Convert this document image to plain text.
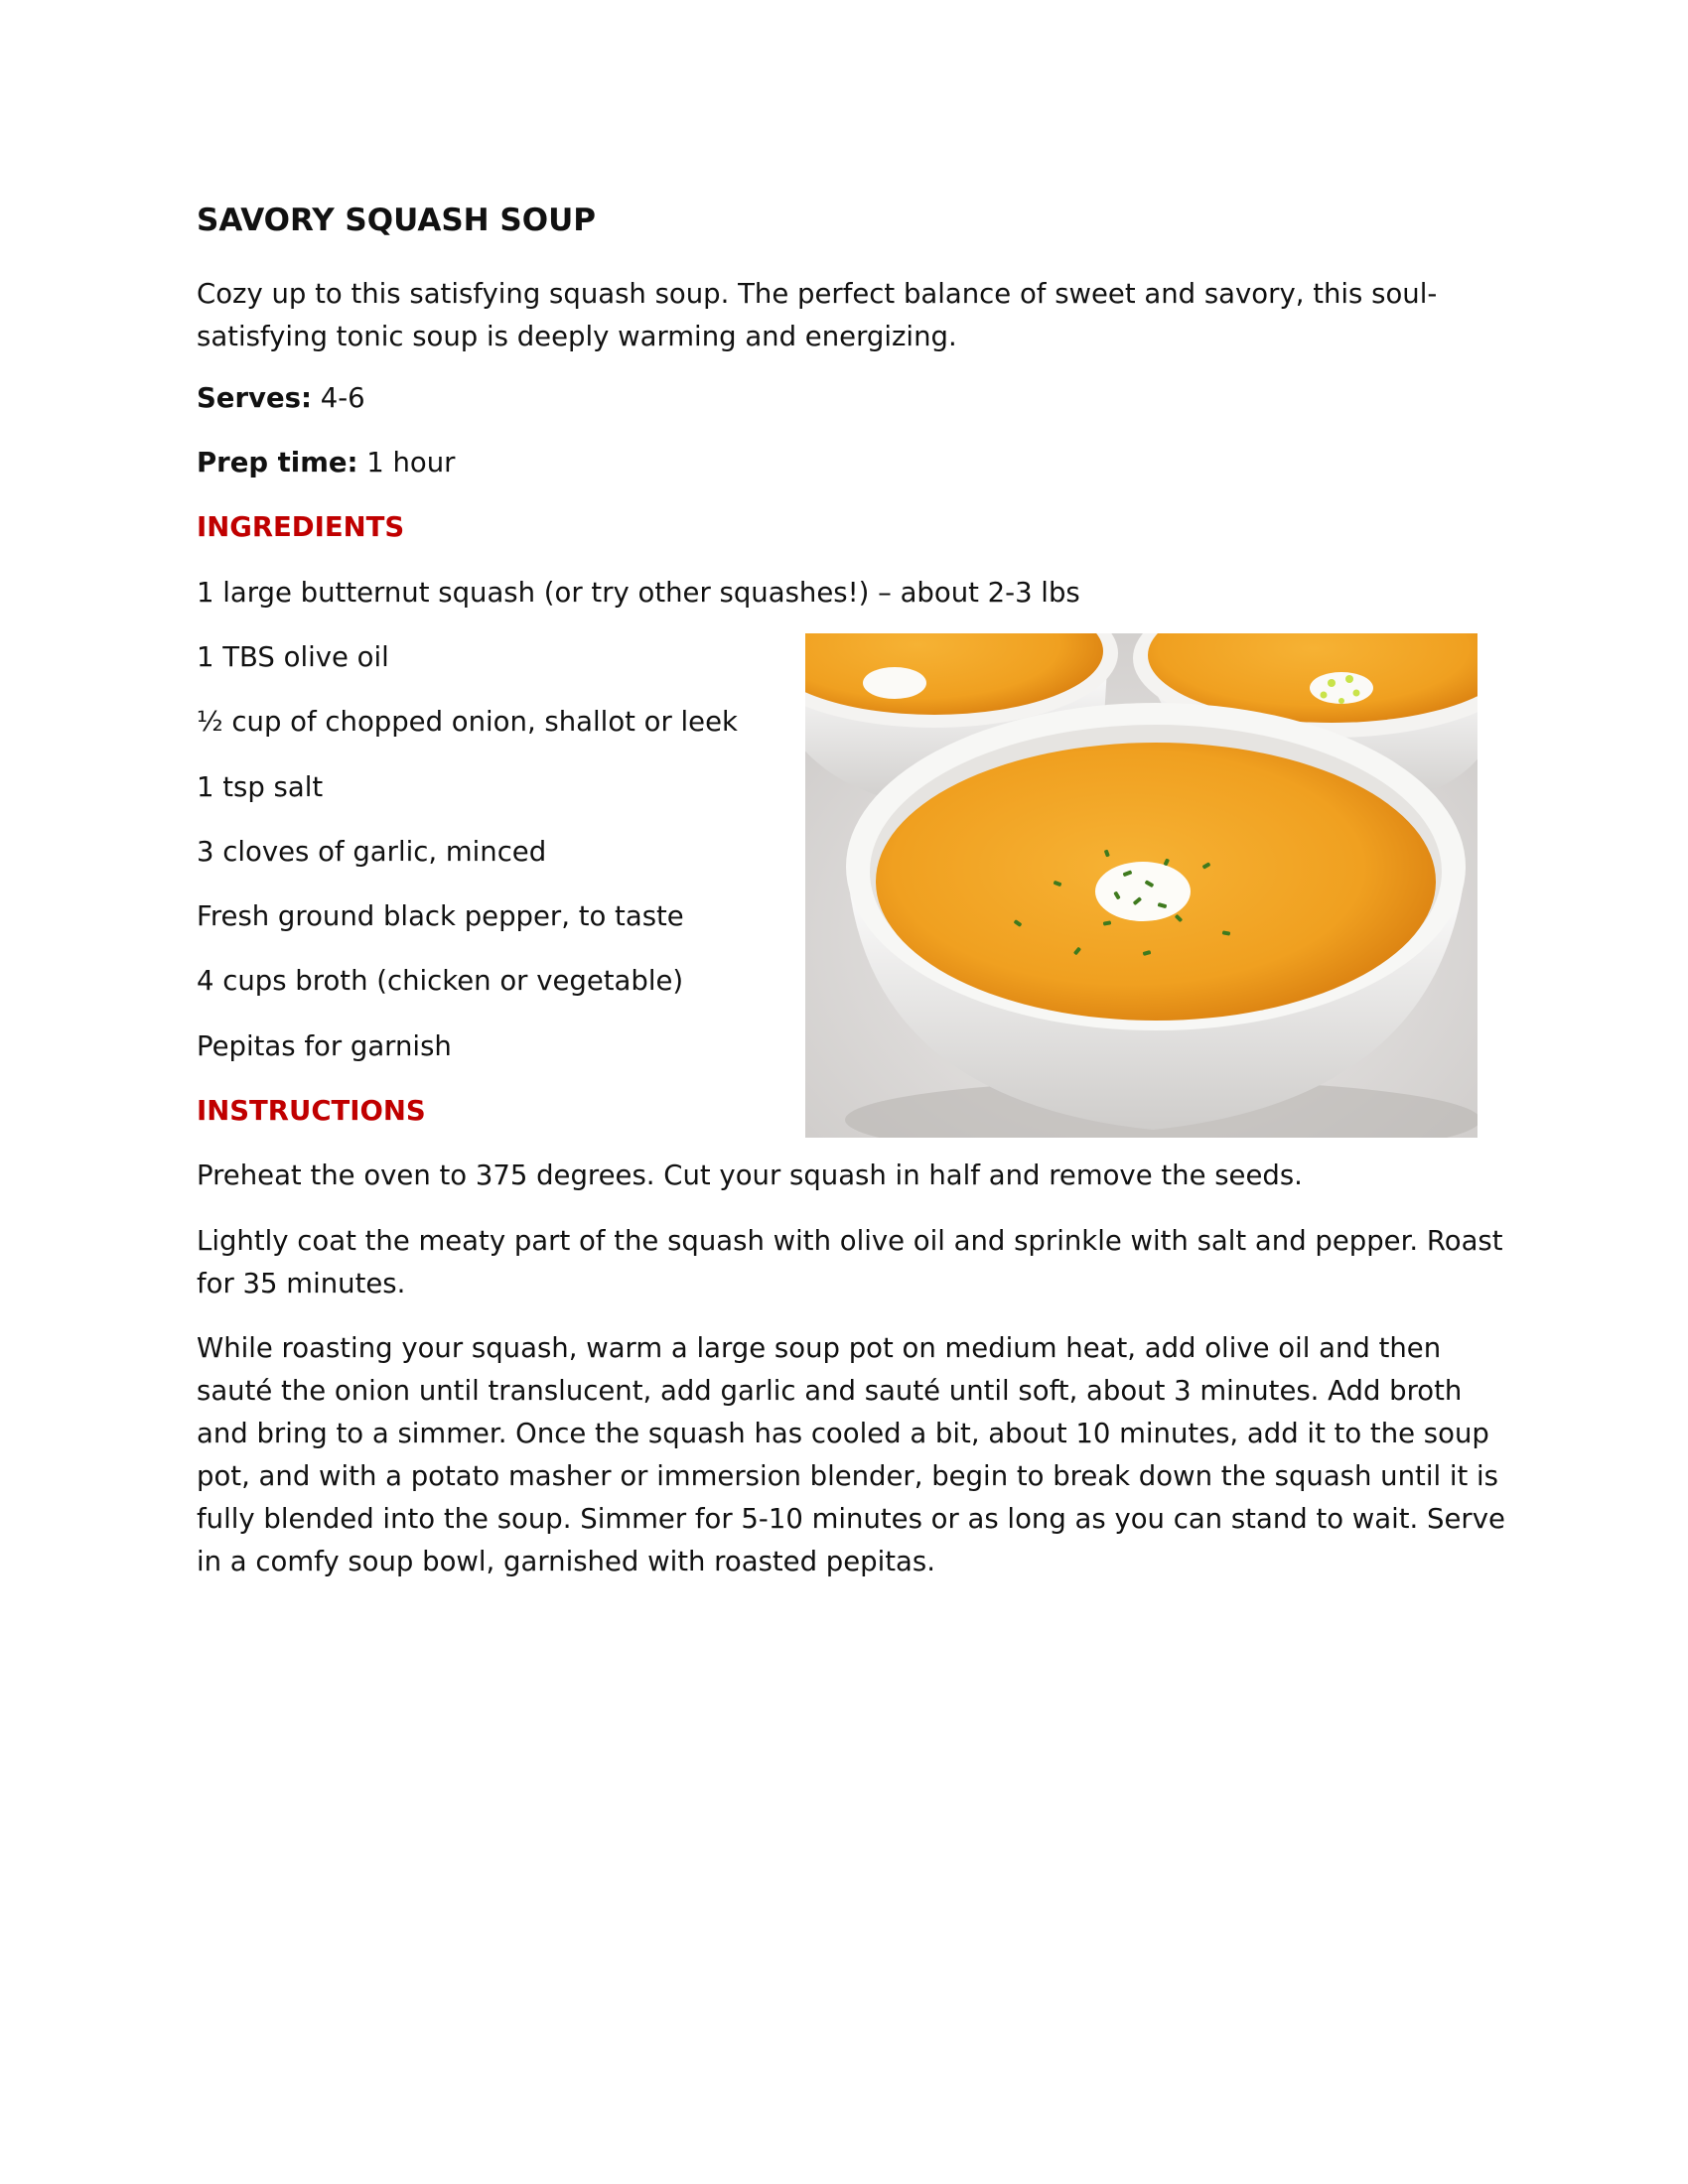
SAVORY SQUASH SOUP

Cozy up to this satisfying squash soup. The perfect balance of sweet and savory, this soul-

satisfying tonic soup is deeply warming and energizing.

Serves: 4-6

Prep time: 1 hour

INGREDIENTS

1 large butternut squash (or try other squashes!) – about 2-3 lbs

1 TBS olive oil

½ cup of chopped onion, shallot or leek

1 tsp salt

3 cloves of garlic, minced

Fresh ground black pepper, to taste

4 cups broth (chicken or vegetable)

Pepitas for garnish

INSTRUCTIONS

Preheat the oven to 375 degrees. Cut your squash in half and remove the seeds.

Lightly coat the meaty part of the squash with olive oil and sprinkle with salt and pepper. Roast

for 35 minutes.

While roasting your squash, warm a large soup pot on medium heat, add olive oil and then

sauté the onion until translucent, add garlic and sauté until soft, about 3 minutes. Add broth

and bring to a simmer. Once the squash has cooled a bit, about 10 minutes, add it to the soup

pot, and with a potato masher or immersion blender, begin to break down the squash until it is

fully blended into the soup. Simmer for 5-10 minutes or as long as you can stand to wait. Serve

in a comfy soup bowl, garnished with roasted pepitas.
